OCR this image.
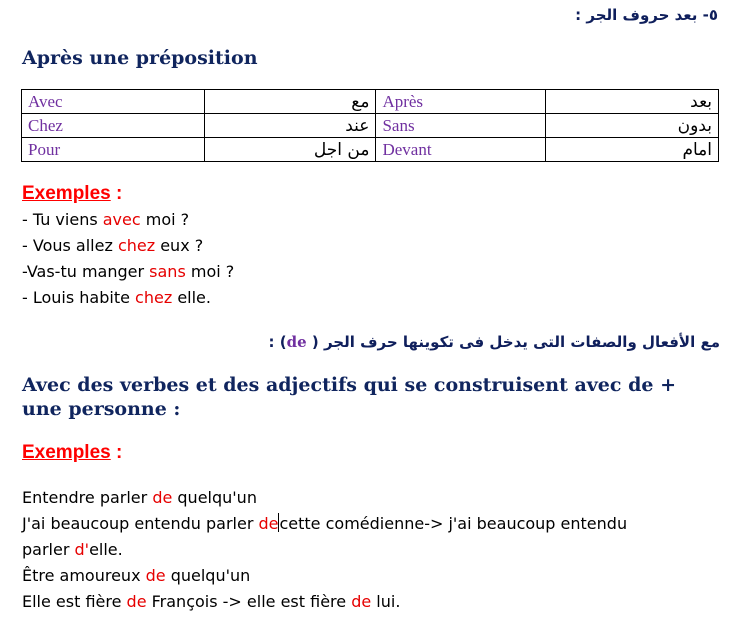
٥- بعد حروف الجر :
Après une préposition
Avec	مع	Après	بعد
Chez	عند	Sans	بدون
Pour	من اجل	Devant	امام
Exemples :
- Tu viens avec moi ?
- Vous allez chez eux ?
-Vas-tu manger sans moi ?
- Louis habite chez elle.
مع الأفعال والصفات التى يدخل فى تكوينها حرف الجر ( de) :
Avec des verbes et des adjectifs qui se construisent avec de +
une personne :
Exemples :
Entendre parler de quelqu'un
J'ai beaucoup entendu parler decette comédienne-> j'ai beaucoup entendu
parler d'elle.
Être amoureux de quelqu'un
Elle est fière de François -> elle est fière de lui.
